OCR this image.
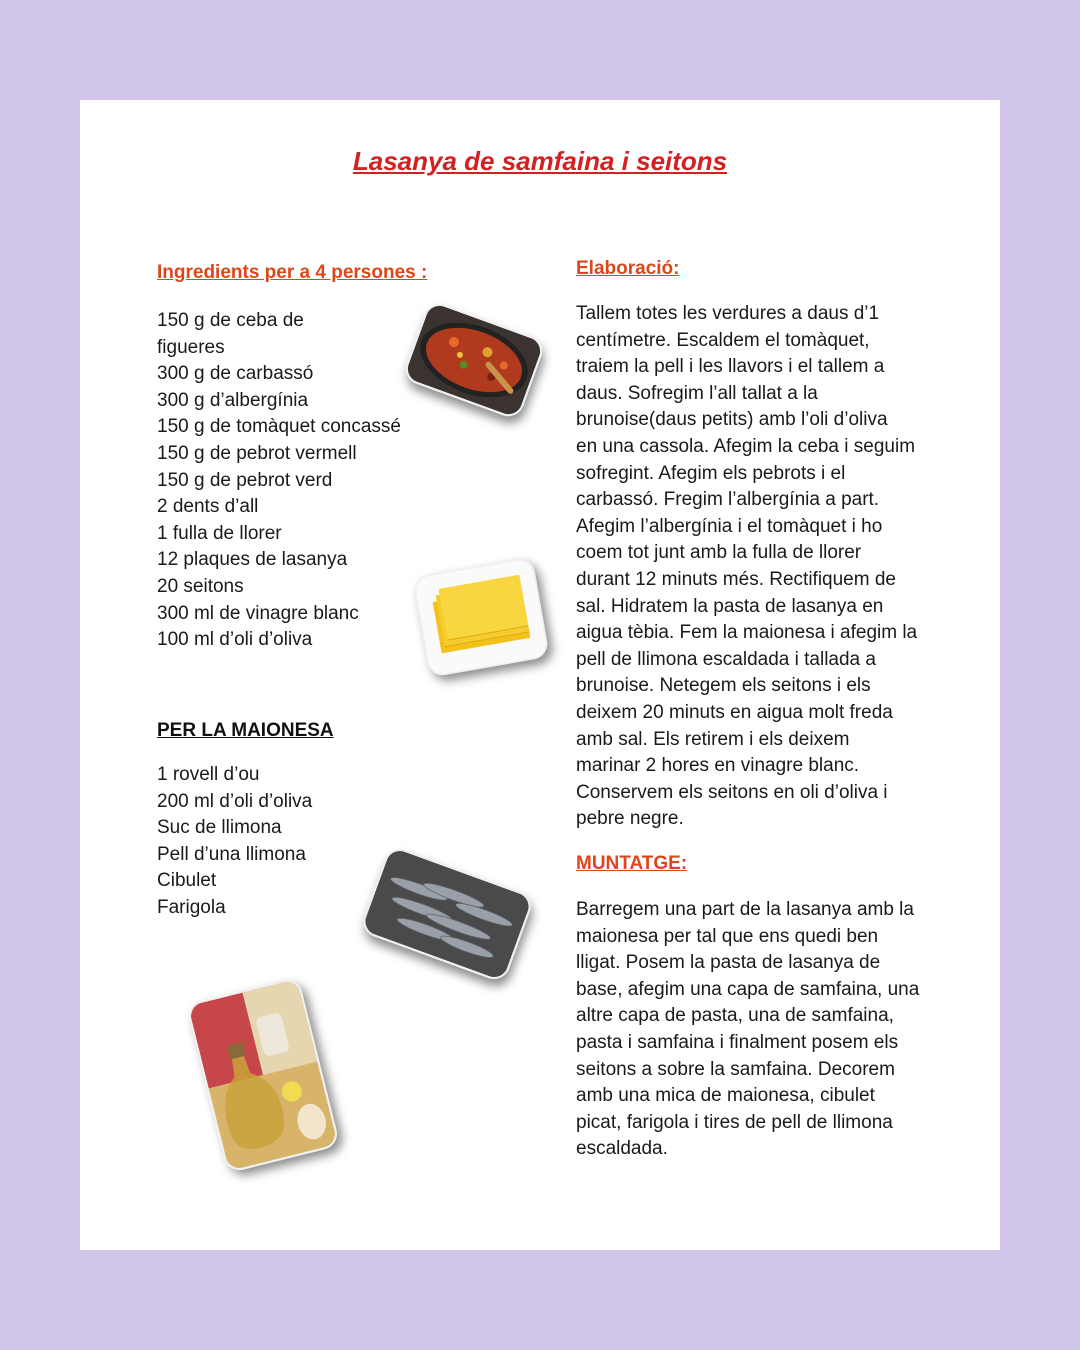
Lasanya de samfaina i seitons
Ingredients per a 4 persones :
150 g de ceba de
figueres
300 g de carbassó
300 g d’albergínia
150 g de tomàquet concassé
150 g de pebrot vermell
150 g de pebrot verd
2 dents d’all
1 fulla de llorer
12 plaques de lasanya
20 seitons
300 ml de vinagre blanc
100 ml d’oli d’oliva
PER LA MAIONESA
1 rovell d’ou
200 ml d’oli d’oliva
Suc de llimona
Pell d’una llimona
Cibulet
Farigola
Elaboració:

Tallem totes les verdures a daus d’1
centímetre. Escaldem el tomàquet,
traiem la pell i les llavors i el tallem a
daus. Sofregim l’all tallat a la
brunoise(daus petits) amb l’oli d’oliva
en una cassola. Afegim la ceba i seguim
sofregint. Afegim els pebrots i el
carbassó. Fregim l’albergínia a part.
Afegim l’albergínia i el tomàquet i ho
coem tot junt amb la fulla de llorer
durant 12 minuts més. Rectifiquem de
sal. Hidratem la pasta de lasanya en
aigua tèbia. Fem la maionesa i afegim la
pell de llimona escaldada i tallada a
brunoise. Netegem els seitons i els
deixem 20 minuts en aigua molt freda
amb sal. Els retirem i els deixem
marinar 2 hores en vinagre blanc.
Conservem els seitons en oli d’oliva i
pebre negre.

MUNTATGE:

Barregem una part de la lasanya amb la
maionesa per tal que ens quedi ben
lligat. Posem la pasta de lasanya de
base, afegim una capa de samfaina, una
altre capa de pasta, una de samfaina,
pasta i samfaina i finalment posem els
seitons a sobre la samfaina. Decorem
amb una mica de maionesa, cibulet
picat, farigola i tires de pell de llimona
escaldada.
